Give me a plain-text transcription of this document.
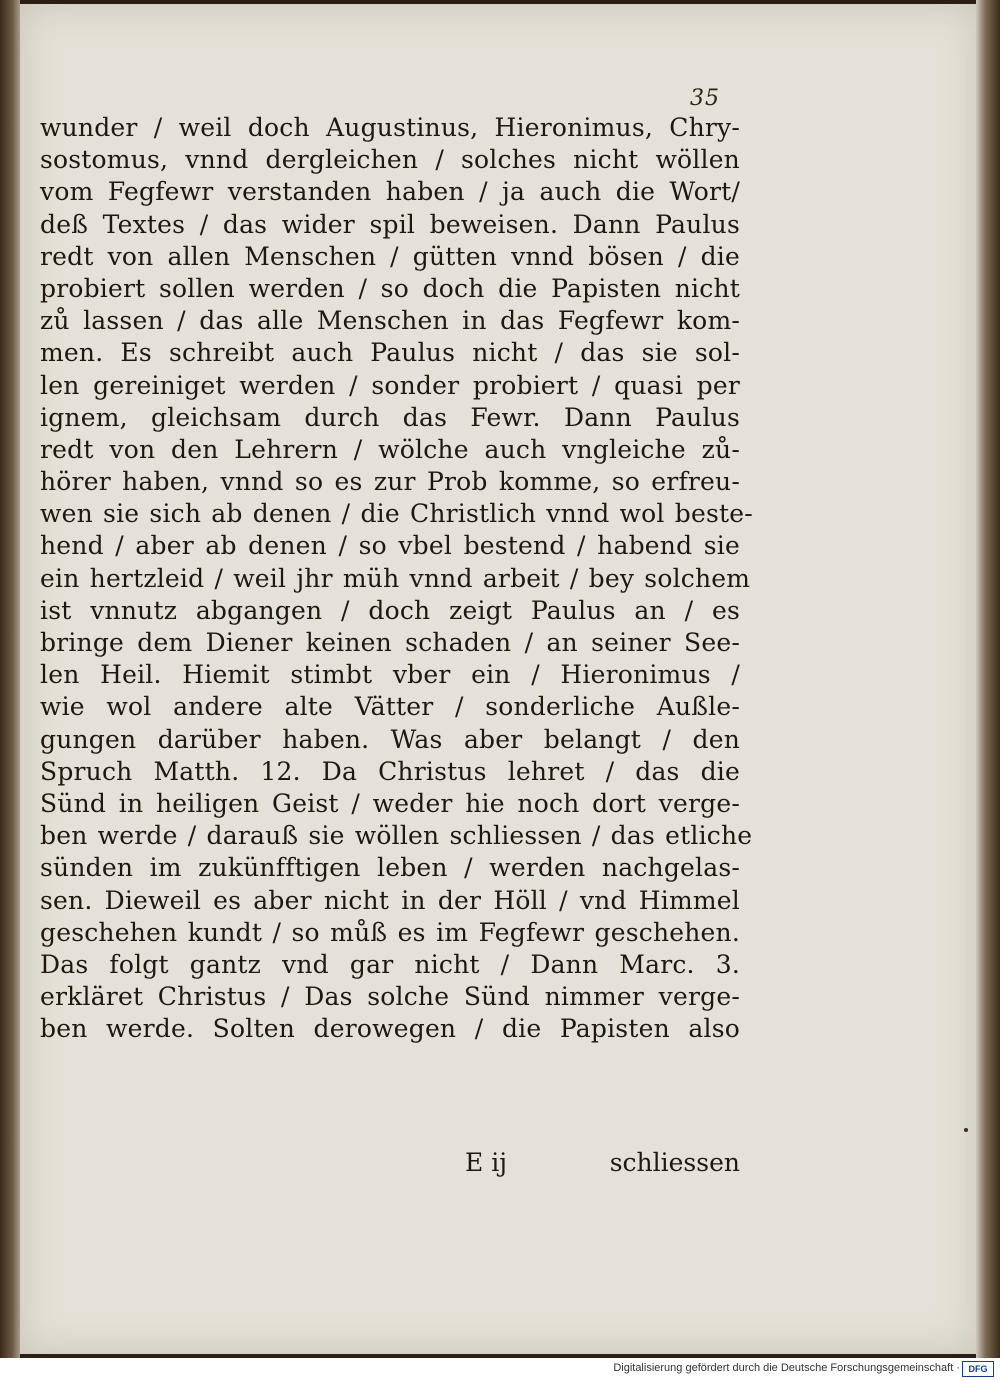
35
wunder / weil doch Augustinus, Hieronimus, Chry-
sostomus, vnnd dergleichen / solches nicht wöllen
vom Fegfewr verstanden haben / ja auch die Wort/
deß Textes / das wider spil beweisen. Dann Paulus
redt von allen Menschen / gütten vnnd bösen / die
probiert sollen werden / so doch die Papisten nicht
zů lassen / das alle Menschen in das Fegfewr kom-
men. Es schreibt auch Paulus nicht / das sie sol-
len gereiniget werden / sonder probiert / quasi per
ignem, gleichsam durch das Fewr. Dann Paulus
redt von den Lehrern / wölche auch vngleiche zů-
hörer haben, vnnd so es zur Prob komme, so erfreu-
wen sie sich ab denen / die Christlich vnnd wol beste-
hend / aber ab denen / so vbel bestend / habend sie
ein hertzleid / weil jhr müh vnnd arbeit / bey solchem
ist vnnutz abgangen / doch zeigt Paulus an / es
bringe dem Diener keinen schaden / an seiner See-
len Heil. Hiemit stimbt vber ein / Hieronimus /
wie wol andere alte Vätter / sonderliche Außle-
gungen darüber haben. Was aber belangt / den
Spruch Matth. 12. Da Christus lehret / das die
Sünd in heiligen Geist / weder hie noch dort verge-
ben werde / darauß sie wöllen schliessen / das etliche
sünden im zukünfftigen leben / werden nachgelas-
sen. Dieweil es aber nicht in der Höll / vnd Himmel
geschehen kundt / so můß es im Fegfewr geschehen.
Das folgt gantz vnd gar nicht / Dann Marc. 3.
erkläret Christus / Das solche Sünd nimmer verge-
ben werde. Solten derowegen / die Papisten also
E ij	schliessen
Digitalisierung gefördert durch die Deutsche Forschungsgemeinschaft · DFG
